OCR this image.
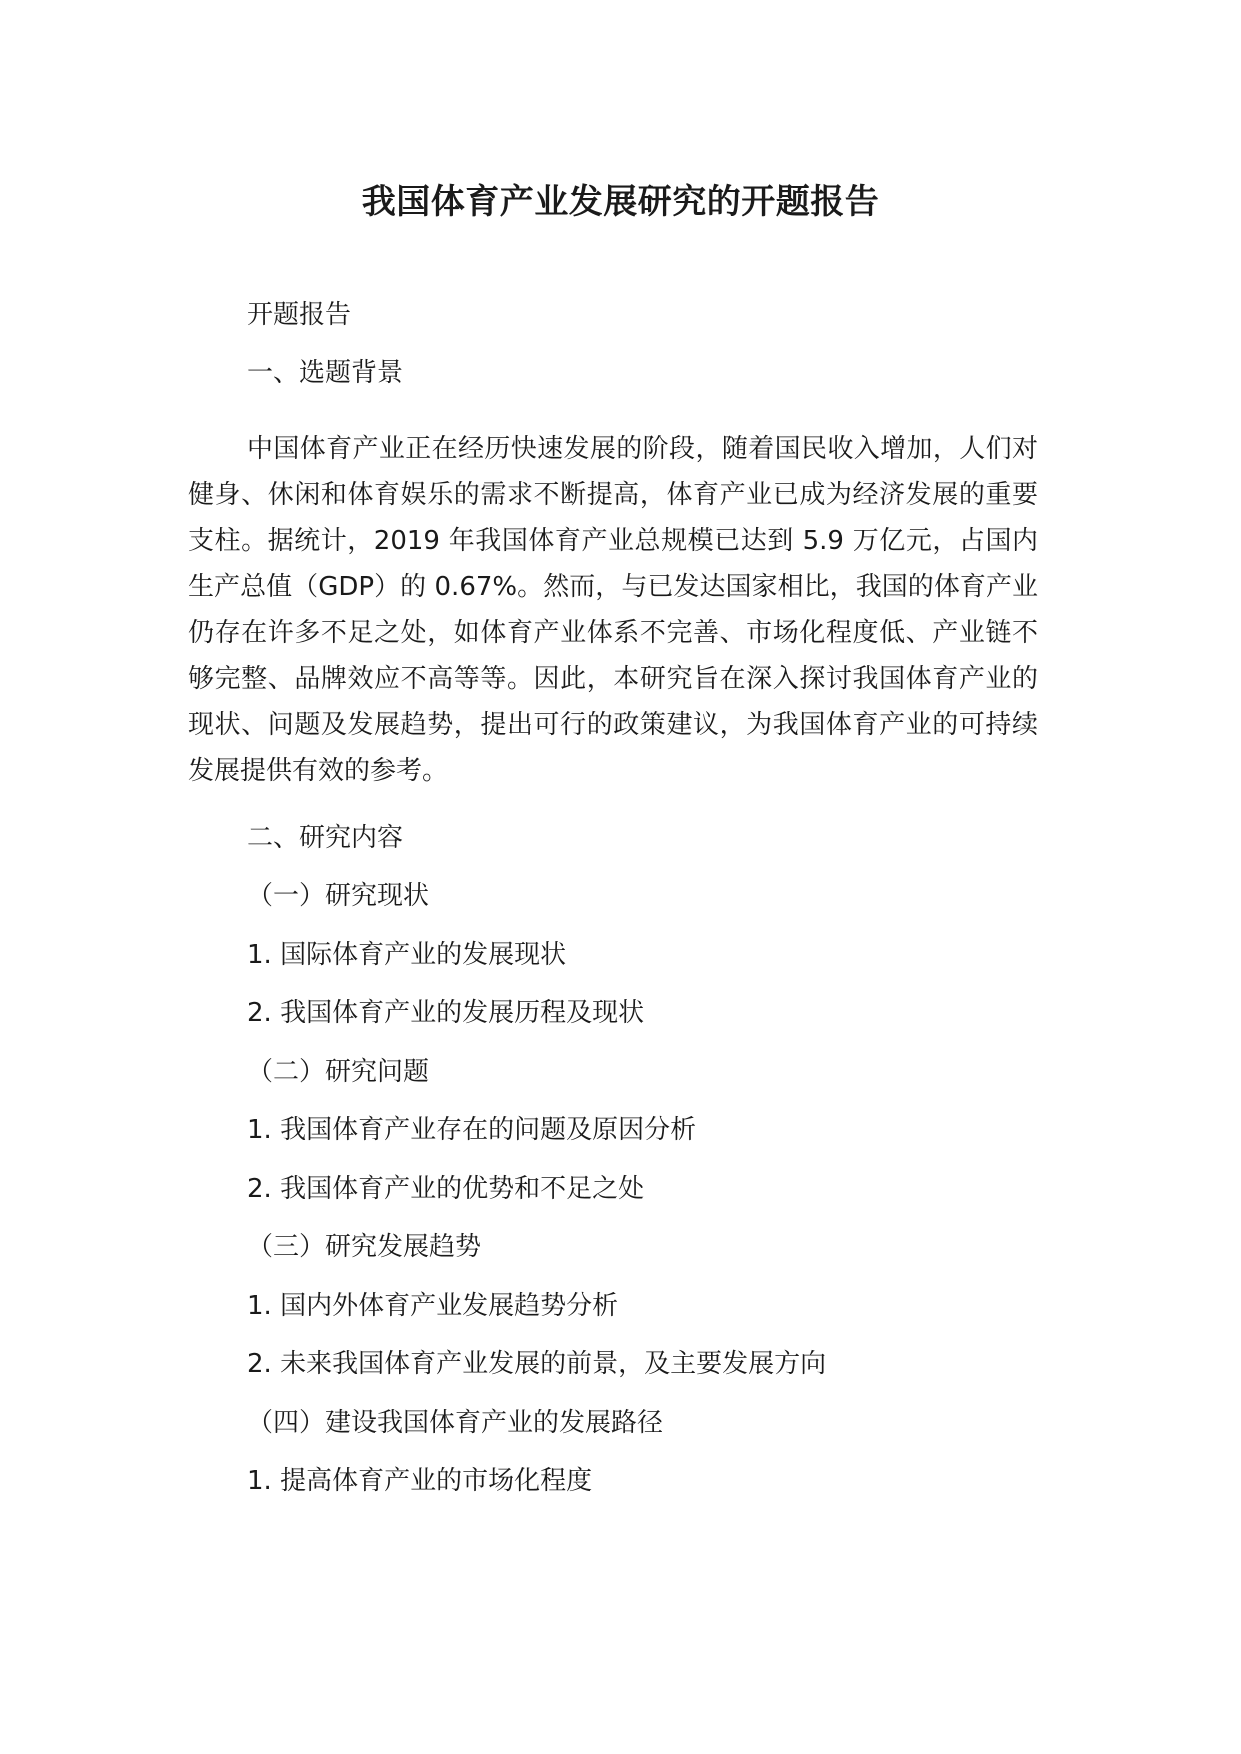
我国体育产业发展研究的开题报告
开题报告
一、选题背景
中国体育产业正在经历快速发展的阶段，随着国民收入增加，人们对健身、休闲和体育娱乐的需求不断提高，体育产业已成为经济发展的重要支柱。据统计，2019 年我国体育产业总规模已达到 5.9 万亿元，占国内生产总值（GDP）的 0.67%。然而，与已发达国家相比，我国的体育产业仍存在许多不足之处，如体育产业体系不完善、市场化程度低、产业链不够完整、品牌效应不高等等。因此，本研究旨在深入探讨我国体育产业的现状、问题及发展趋势，提出可行的政策建议，为我国体育产业的可持续发展提供有效的参考。
二、研究内容
（一）研究现状
1. 国际体育产业的发展现状
2. 我国体育产业的发展历程及现状
（二）研究问题
1. 我国体育产业存在的问题及原因分析
2. 我国体育产业的优势和不足之处
（三）研究发展趋势
1. 国内外体育产业发展趋势分析
2. 未来我国体育产业发展的前景，及主要发展方向
（四）建设我国体育产业的发展路径
1. 提高体育产业的市场化程度
